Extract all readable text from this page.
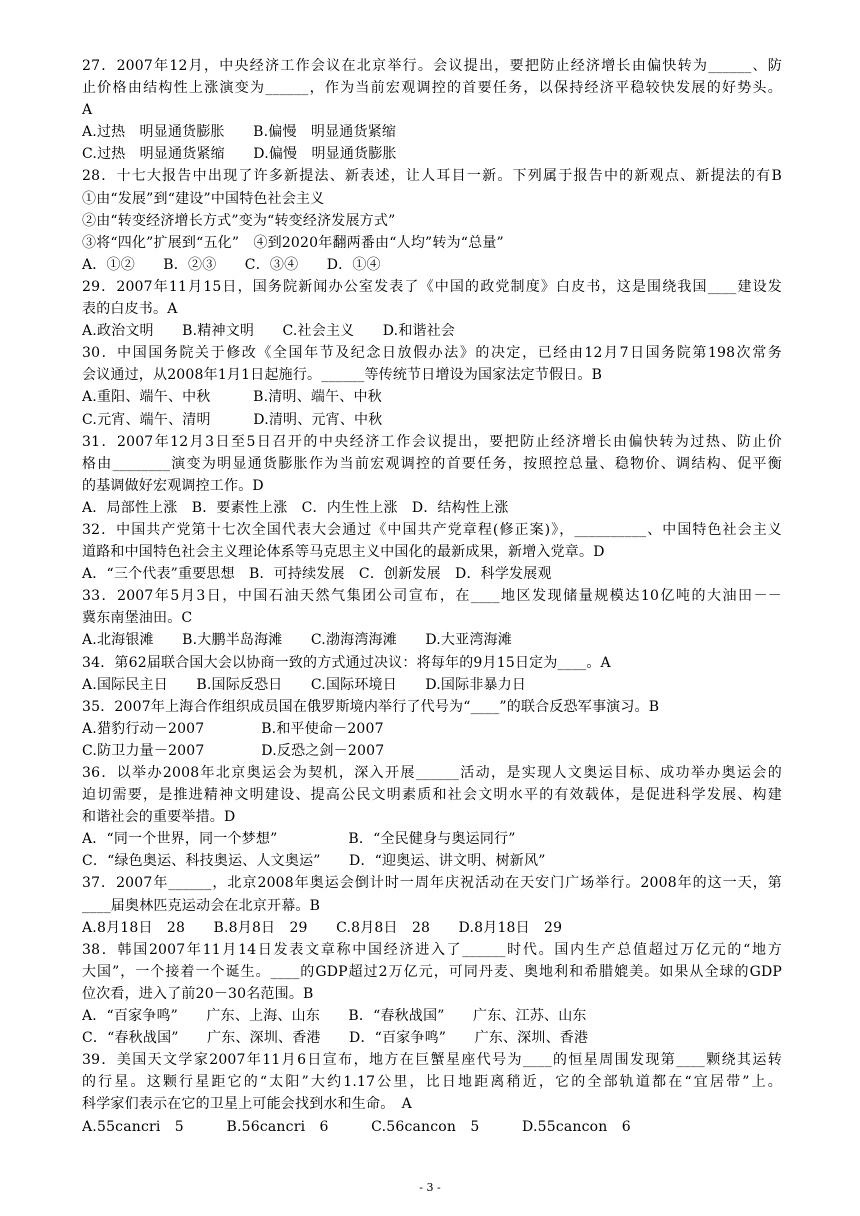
27．2007年12月，中央经济工作会议在北京举行。会议提出，要把防止经济增长由偏快转为______、防
止价格由结构性上涨演变为______，作为当前宏观调控的首要任务，以保持经济平稳较快发展的好势头。
A
A.过热　明显通货膨胀　　B.偏慢　明显通货紧缩
C.过热　明显通货紧缩　　D.偏慢　明显通货膨胀
28．十七大报告中出现了许多新提法、新表述，让人耳目一新。下列属于报告中的新观点、新提法的有B
①由“发展”到“建设”中国特色社会主义
②由“转变经济增长方式”变为“转变经济发展方式”
③将“四化”扩展到“五化”　④到2020年翻两番由“人均”转为“总量”
A．①②　　B．②③　　C．③④　　D．①④
29．2007年11月15日，国务院新闻办公室发表了《中国的政党制度》白皮书，这是围绕我国____建设发
表的白皮书。A
A.政治文明　　B.精神文明　　C.社会主义　　D.和谐社会
30．中国国务院关于修改《全国年节及纪念日放假办法》的决定，已经由12月7日国务院第198次常务
会议通过，从2008年1月1日起施行。______等传统节日增设为国家法定节假日。B
A.重阳、端午、中秋　　　B.清明、端午、中秋
C.元宵、端午、清明　　　D.清明、元宵、中秋
31．2007年12月3日至5日召开的中央经济工作会议提出，要把防止经济增长由偏快转为过热、防止价
格由________演变为明显通货膨胀作为当前宏观调控的首要任务，按照控总量、稳物价、调结构、促平衡
的基调做好宏观调控工作。D
A．局部性上涨　B．要素性上涨　C．内生性上涨　D．结构性上涨
32．中国共产党第十七次全国代表大会通过《中国共产党章程(修正案)》，__________、中国特色社会主义
道路和中国特色社会主义理论体系等马克思主义中国化的最新成果，新增入党章。D
A．“三个代表”重要思想　B．可持续发展　C．创新发展　D．科学发展观
33．2007年5月3日，中国石油天然气集团公司宣布，在____地区发现储量规模达10亿吨的大油田－－
冀东南堡油田。C
A.北海银滩　　B.大鹏半岛海滩　　C.渤海湾海滩　　D.大亚湾海滩
34．第62届联合国大会以协商一致的方式通过决议：将每年的9月15日定为____。A
A.国际民主日　　B.国际反恐日　　C.国际环境日　　D.国际非暴力日
35．2007年上海合作组织成员国在俄罗斯境内举行了代号为“____”的联合反恐军事演习。B
A.猎豹行动－2007　　　　B.和平使命－2007
C.防卫力量－2007　　　　D.反恐之剑－2007
36．以举办2008年北京奥运会为契机，深入开展______活动，是实现人文奥运目标、成功举办奥运会的
迫切需要，是推进精神文明建设、提高公民文明素质和社会文明水平的有效载体，是促进科学发展、构建
和谐社会的重要举措。D
A．“同一个世界，同一个梦想”　　　　　B．“全民健身与奥运同行”
C．“绿色奥运、科技奥运、人文奥运”　　D．“迎奥运、讲文明、树新风”
37．2007年______，北京2008年奥运会倒计时一周年庆祝活动在天安门广场举行。2008年的这一天，第
____届奥林匹克运动会在北京开幕。B
A.8月18日　28　　B.8月8日　29　　C.8月8日　28　　D.8月18日　29
38．韩国2007年11月14日发表文章称中国经济进入了______时代。国内生产总值超过万亿元的“地方
大国”，一个接着一个诞生。____的GDP超过2万亿元，可同丹麦、奥地利和希腊媲美。如果从全球的GDP
位次看，进入了前20－30名范围。B
A．“百家争鸣”　　广东、上海、山东　　B．“春秋战国”　　广东、江苏、山东
C．“春秋战国”　　广东、深圳、香港　　D．“百家争鸣”　　广东、深圳、香港
39．美国天文学家2007年11月6日宣布，地方在巨蟹星座代号为____的恒星周围发现第____颗绕其运转
的行星。这颗行星距它的“太阳”大约1.17公里，比日地距离稍近，它的全部轨道都在“宜居带”上。
科学家们表示在它的卫星上可能会找到水和生命。　A
A.55cancri　5　　　B.56cancri　6　　　C.56cancon　5　　　D.55cancon　6
- 3 -
